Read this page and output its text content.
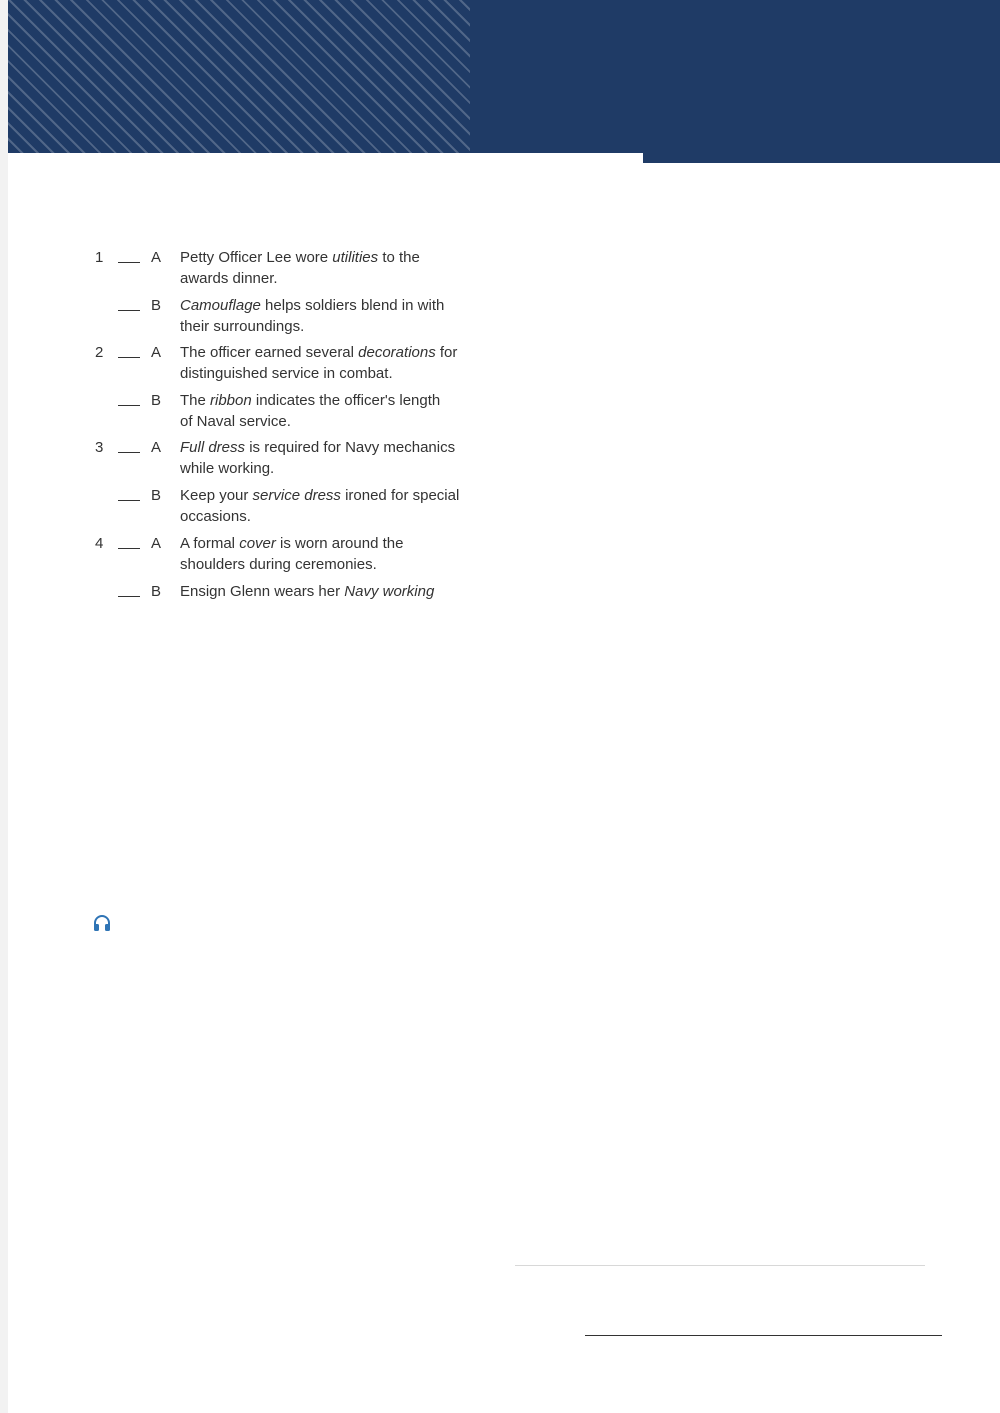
1	A Petty Officer Lee wore utilities to the
awards dinner.
B Camouflage helps soldiers blend in with
their surroundings.
2	A The officer earned several decorations for
distinguished service in combat.
B The ribbon indicates the officer's length
of Naval service.
3	A Full dress is required for Navy mechanics
while working.
B Keep your service dress ironed for special
occasions.
4	A A formal cover is worn around the
shoulders during ceremonies.
B Ensign Glenn wears her Navy working
